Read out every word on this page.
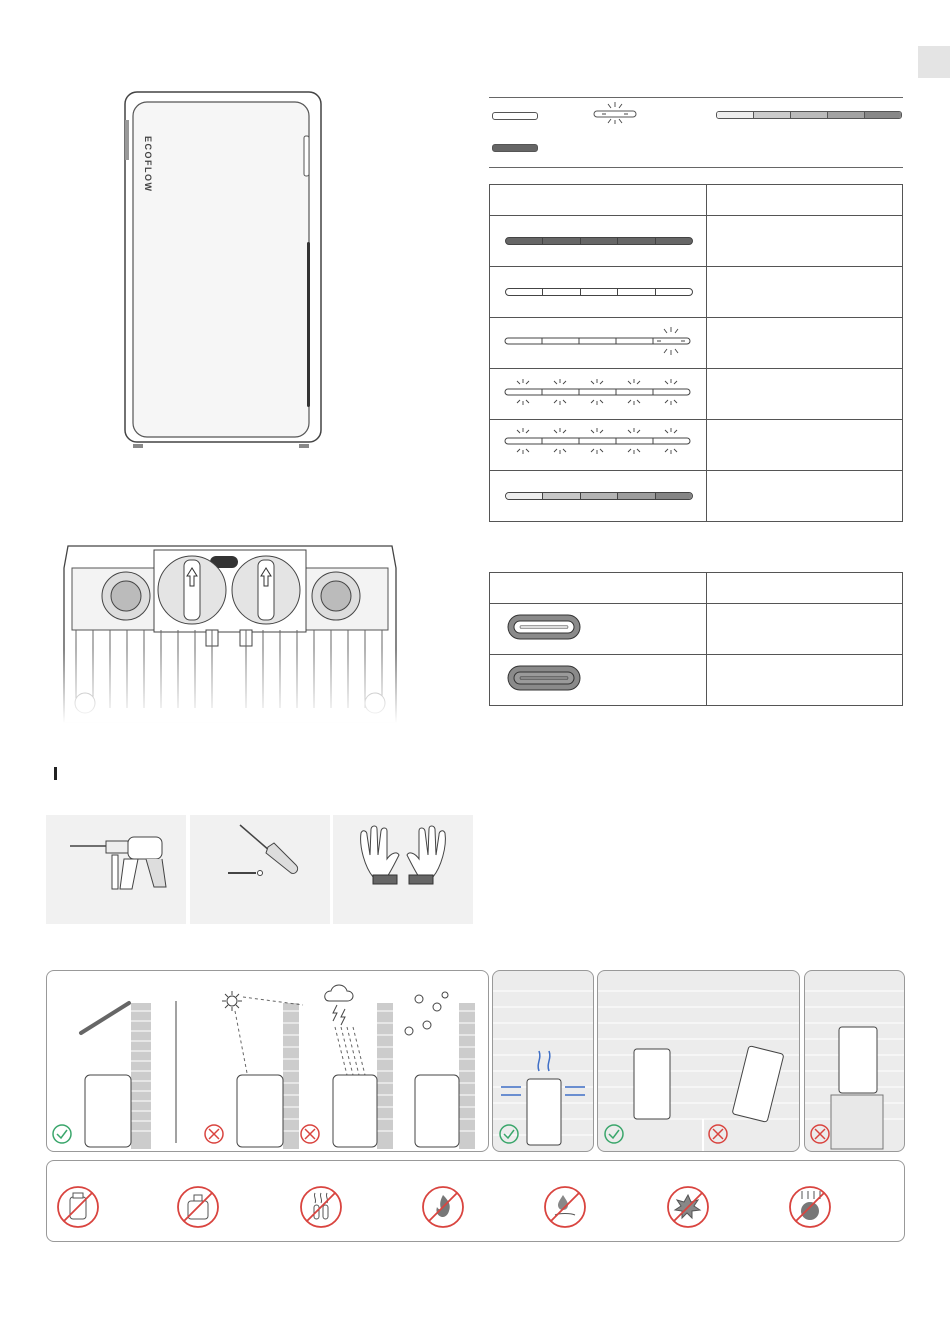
ECOFLOW
